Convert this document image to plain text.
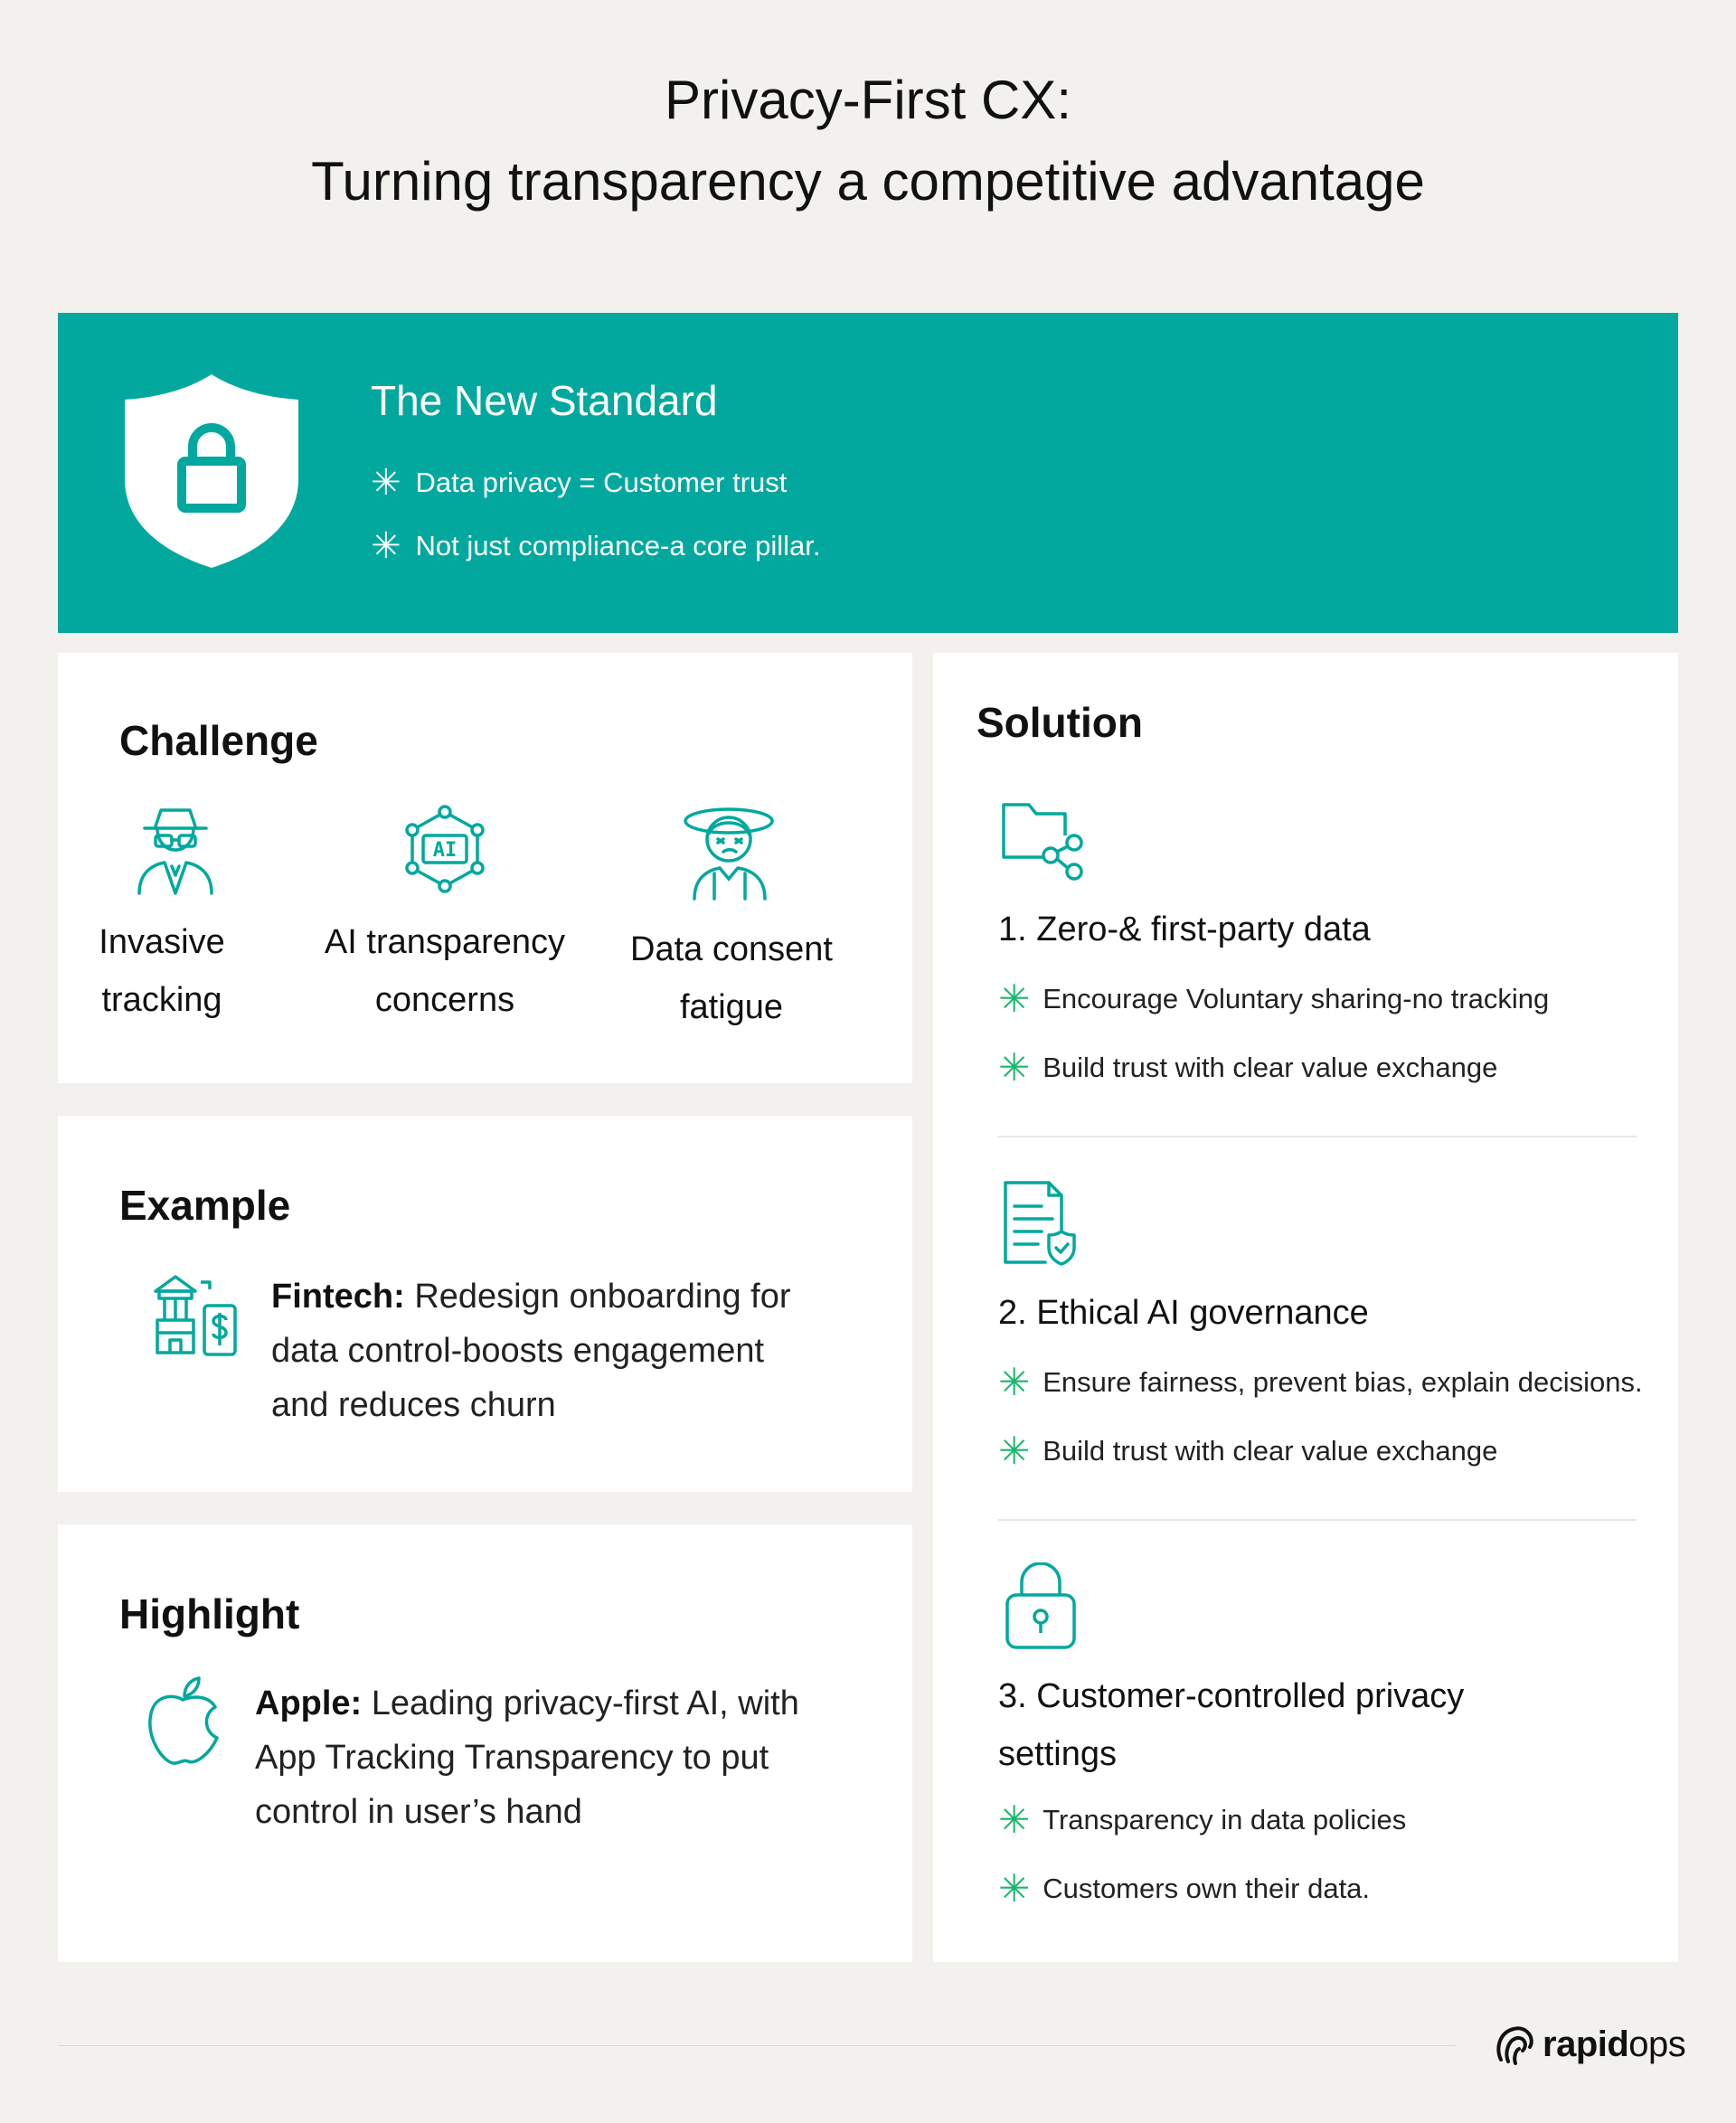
Privacy-First CX:
Turning transparency a competitive advantage
The New Standard
✳ Data privacy = Customer trust
✳ Not just compliance-a core pillar.
Challenge
Invasive
tracking
AI
AI transparency
concerns
Data consent
fatigue
Example
Fintech: Redesign onboarding for
data control-boosts engagement
and reduces churn
Highlight
Apple: Leading privacy-first AI, with
App Tracking Transparency to put
control in user’s hand
Solution
1. Zero-& first-party data
✳ Encourage Voluntary sharing-no tracking
✳ Build trust with clear value exchange
2. Ethical AI governance
✳ Ensure fairness, prevent bias, explain decisions.
✳ Build trust with clear value exchange
3. Customer-controlled privacy
settings
✳ Transparency in data policies
✳ Customers own their data.
rapidops
